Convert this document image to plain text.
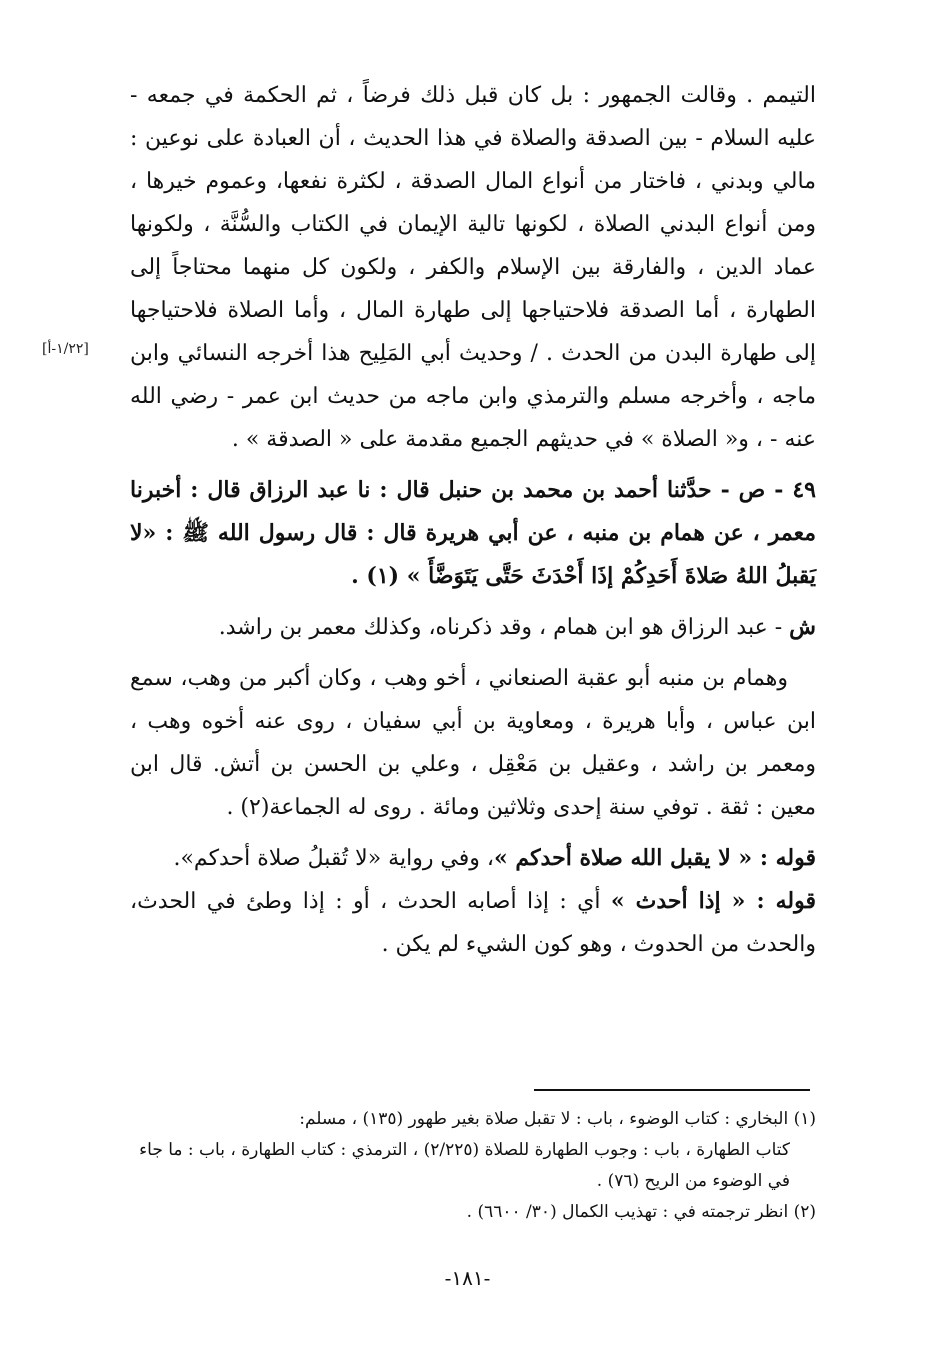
التيمم . وقالت الجمهور : بل كان قبل ذلك فرضاً ، ثم الحكمة في جمعه - عليه السلام - بين الصدقة والصلاة في هذا الحديث ، أن العبادة على نوعين : مالي وبدني ، فاختار من أنواع المال الصدقة ، لكثرة نفعها، وعموم خيرها ، ومن أنواع البدني الصلاة ، لكونها تالية الإيمان في الكتاب والسُّنَّة ، ولكونها عماد الدين ، والفارقة بين الإسلام والكفر ، ولكون كل منهما محتاجاً إلى الطهارة ، أما الصدقة فلاحتياجها إلى طهارة المال ، وأما الصلاة فلاحتياجها إلى طهارة البدن من الحدث . / وحديث أبي المَلِيح هذا أخرجه النسائي وابن ماجه ، وأخرجه مسلم والترمذي وابن ماجه من حديث ابن عمر - رضي الله عنه - ، و« الصلاة » في حديثهم الجميع مقدمة على « الصدقة » .

٤٩ - ص - حدَّثنا أحمد بن محمد بن حنبل قال : نا عبد الرزاق قال : أخبرنا معمر ، عن همام بن منبه ، عن أبي هريرة قال : قال رسول الله ﷺ : «لا يَقبلُ اللهُ صَلاةَ أَحَدِكُمْ إذَا أَحْدَثَ حَتَّى يَتَوَضَّأَ » (١) .

ش - عبد الرزاق هو ابن همام ، وقد ذكرناه، وكذلك معمر بن راشد.

وهمام بن منبه أبو عقبة الصنعاني ، أخو وهب ، وكان أكبر من وهب، سمع ابن عباس ، وأبا هريرة ، ومعاوية بن أبي سفيان ، روى عنه أخوه وهب ، ومعمر بن راشد ، وعقيل بن مَعْقِل ، وعلي بن الحسن بن أتش. قال ابن معين : ثقة . توفي سنة إحدى وثلاثين ومائة . روى له الجماعة(٢) .

قوله : « لا يقبل الله صلاة أحدكم »، وفي رواية «لا تُقبلُ صلاة أحدكم».

قوله : « إذا أحدث » أي : إذا أصابه الحدث ، أو : إذا وطئ في الحدث، والحدث من الحدوث ، وهو كون الشيء لم يكن .

[١/٢٢-أ]

(١) البخاري : كتاب الوضوء ، باب : لا تقبل صلاة بغير طهور (١٣٥) ، مسلم:

كتاب الطهارة ، باب : وجوب الطهارة للصلاة (٢/٢٢٥) ، الترمذي : كتاب الطهارة ، باب : ما جاء في الوضوء من الريح (٧٦) .

(٢) انظر ترجمته في : تهذيب الكمال (٣٠/ ٦٦٠٠) .

-١٨١-
